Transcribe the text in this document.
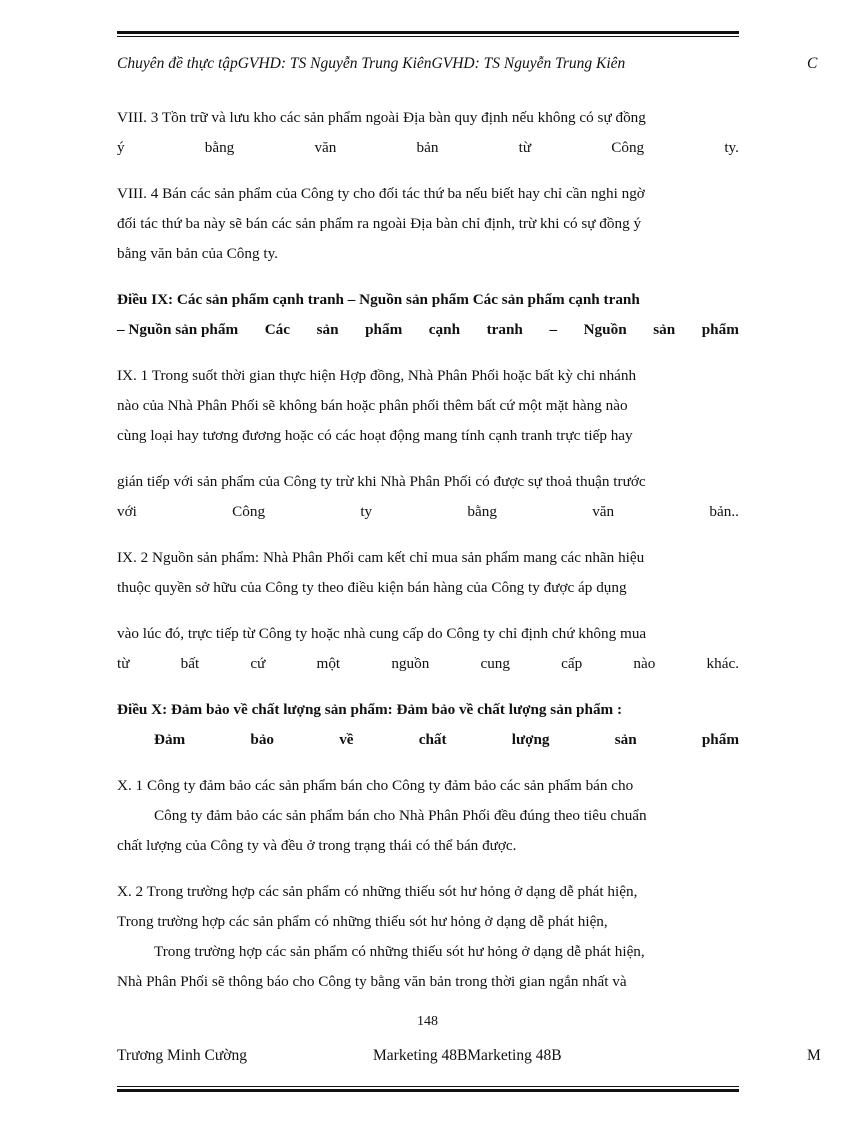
Chuyên đề thực tậpGVHD: TS Nguyễn Trung KiênGVHD: TS Nguyễn Trung Kiên	C
VIII. 3 Tồn trữ và lưu kho các sản phẩm ngoài Địa bàn quy định nếu không có sự đồng
ý	bằng	văn	bản	từ	Công	ty.
VIII. 4 Bán các sản phẩm của Công ty cho đối tác thứ ba nếu biết hay chỉ cần nghi ngờ
đối tác thứ ba này sẽ bán các sản phẩm ra ngoài Địa bàn chỉ định, trừ khi có sự đồng ý
bằng văn bản của Công ty.
Điều IX: Các sản phẩm cạnh tranh – Nguồn sản phẩm Các sản phẩm cạnh tranh
– Nguồn sản phẩm Các sản phẩm cạnh tranh – Nguồn sản phẩm
IX. 1 Trong suốt thời gian thực hiện Hợp đồng, Nhà Phân Phối hoặc bất kỳ chi nhánh
nào của Nhà Phân Phối sẽ không bán hoặc phân phối thêm bất cứ một mặt hàng nào
cùng loại hay tương đương hoặc có các hoạt động mang tính cạnh tranh trực tiếp hay
gián tiếp với sản phẩm của Công ty trừ khi Nhà Phân Phối có được sự thoả thuận trước
với	Công	ty	bằng	văn	bản..
IX. 2 Nguồn sản phẩm: Nhà Phân Phối cam kết chỉ mua sản phẩm mang các nhãn hiệu
thuộc quyền sở hữu của Công ty theo điều kiện bán hàng của Công ty được áp dụng
vào lúc đó, trực tiếp từ Công ty hoặc nhà cung cấp do Công ty chỉ định chứ không mua
từ	bất	cứ	một	nguồn	cung	cấp	nào	khác.
Điều X: Đảm bảo về chất lượng sản phẩm: Đảm bảo về chất lượng sản phẩm :
Đảm	bảo	về	chất	lượng	sản	phẩm
X. 1 Công ty đảm bảo các sản phẩm bán cho Công ty đảm bảo các sản phẩm bán cho
Công ty đảm bảo các sản phẩm bán cho Nhà Phân Phối đều đúng theo tiêu chuẩn
chất lượng của Công ty và đều ở trong trạng thái có thể bán được.
X. 2 Trong trường hợp các sản phẩm có những thiếu sót hư hỏng ở dạng dễ phát hiện,
Trong trường hợp các sản phẩm có những thiếu sót hư hỏng ở dạng dễ phát hiện,
Trong trường hợp các sản phẩm có những thiếu sót hư hỏng ở dạng dễ phát hiện,
Nhà Phân Phối sẽ thông báo cho Công ty bằng văn bản trong thời gian ngắn nhất và
148
Trương Minh Cường	Marketing 48BMarketing 48B	M
